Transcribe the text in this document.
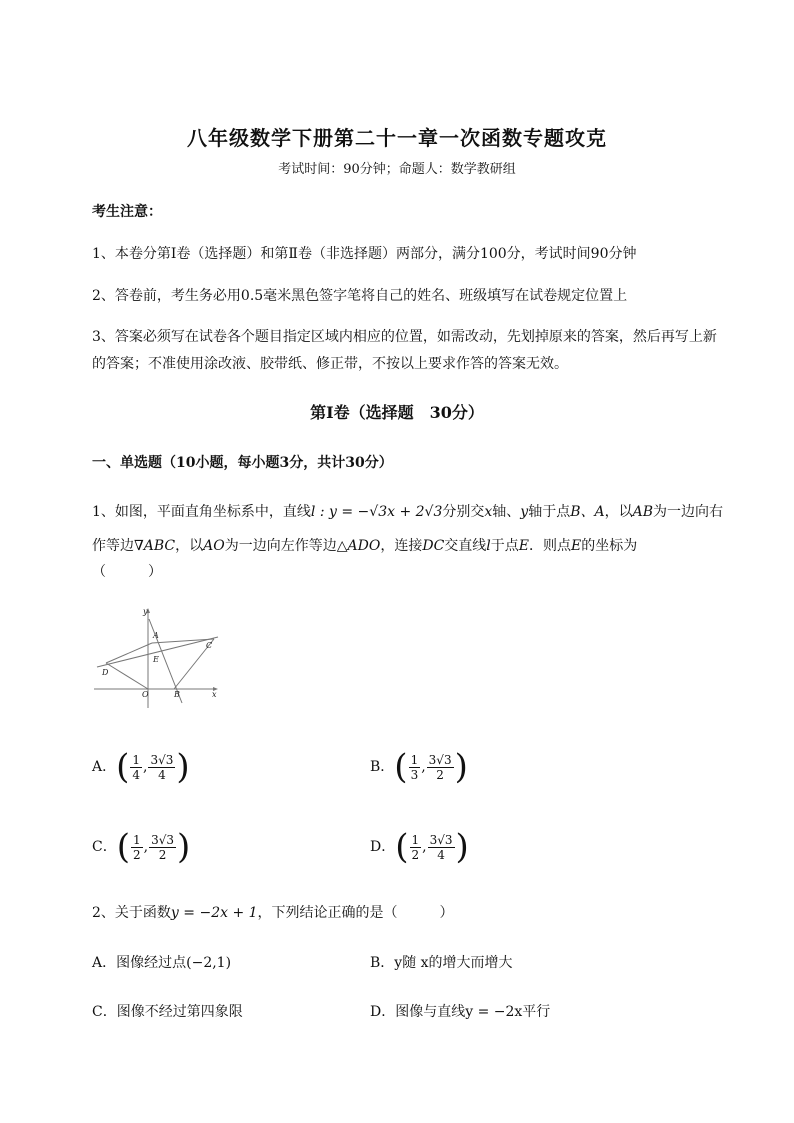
八年级数学下册第二十一章一次函数专题攻克
考试时间：90分钟；命题人：数学教研组
考生注意：
1、本卷分第I卷（选择题）和第Ⅱ卷（非选择题）两部分，满分100分，考试时间90分钟
2、答卷前，考生务必用0.5毫米黑色签字笔将自己的姓名、班级填写在试卷规定位置上
3、答案必须写在试卷各个题目指定区域内相应的位置，如需改动，先划掉原来的答案，然后再写上新
的答案；不准使用涂改液、胶带纸、修正带，不按以上要求作答的答案无效。
第I卷（选择题　30分）
一、单选题（10小题，每小题3分，共计30分）
1、如图，平面直角坐标系中，直线l : y = −√3x + 2√3分别交x轴、y轴于点B、A，以AB为一边向右
作等边∇ABC，以AO为一边向左作等边△ADO，连接DC交直线l于点E．则点E的坐标为
（　　　）
y
A
C
E
D
O	B	x
A．( $\frac{1}{4}$ , $\frac{3√3}{4}$ )	B．( $\frac{1}{3}$ , $\frac{3√3}{2}$ )
C．( $\frac{1}{2}$ , $\frac{3√3}{2}$ )	D．( $\frac{1}{2}$ , $\frac{3√3}{4}$ )
2、关于函数y = −2x + 1，下列结论正确的是（　　　）
A．图像经过点(−2,1)	B．y随 x的增大而增大
C．图像不经过第四象限	D．图像与直线y = −2x平行
